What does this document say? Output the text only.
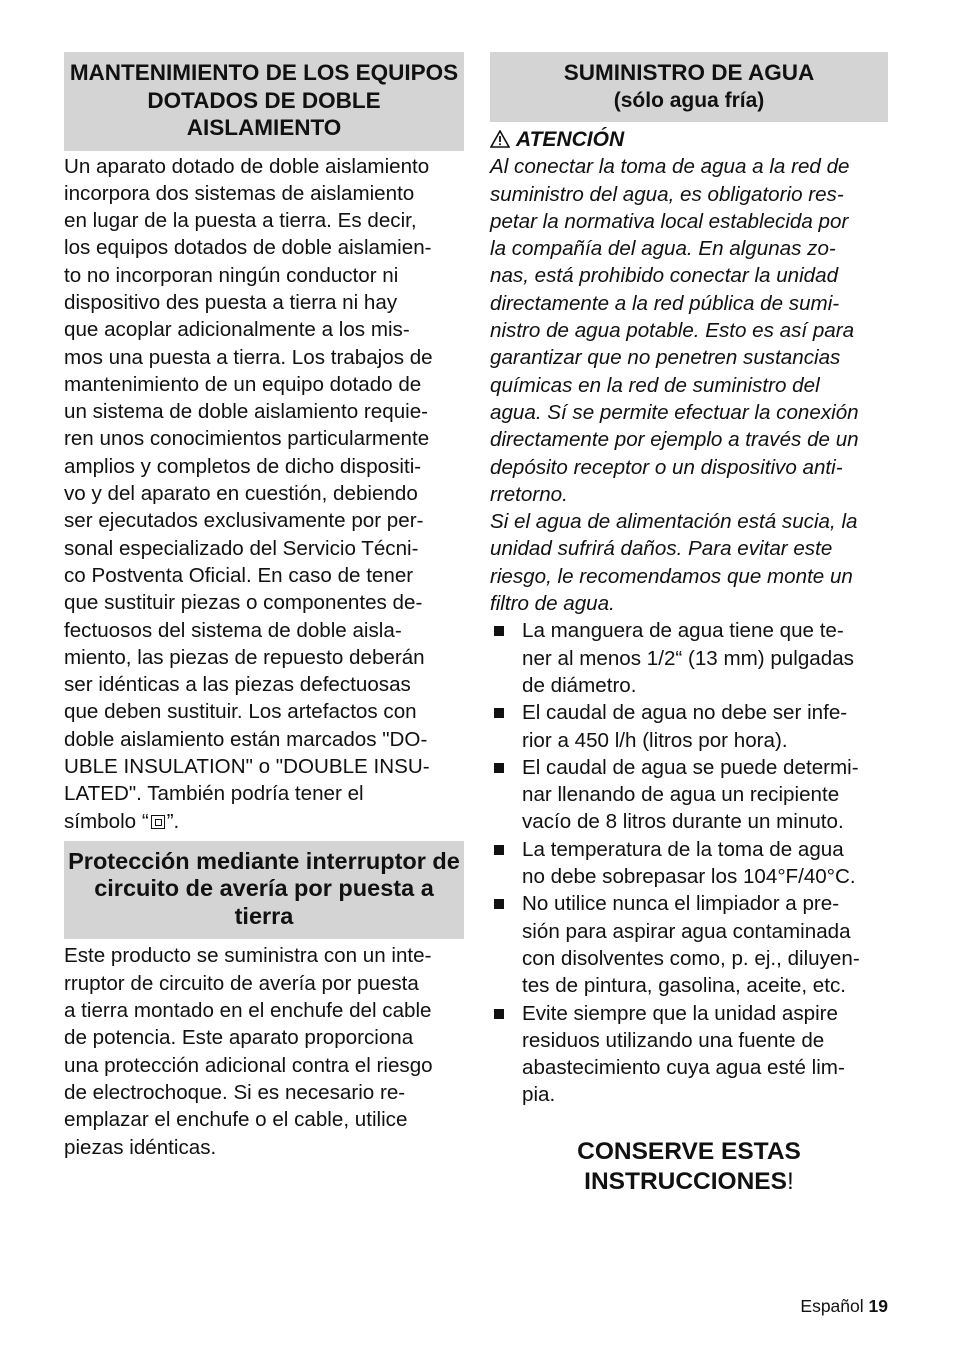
MANTENIMIENTO DE LOS EQUIPOS DOTADOS DE DOBLE AISLAMIENTO
Un aparato dotado de doble aislamiento
incorpora dos sistemas de aislamiento
en lugar de la puesta a tierra. Es decir,
los equipos dotados de doble aislamien-
to no incorporan ningún conductor ni
dispositivo des puesta a tierra ni hay
que acoplar adicionalmente a los mis-
mos una puesta a tierra. Los trabajos de
mantenimiento de un equipo dotado de
un sistema de doble aislamiento requie-
ren unos conocimientos particularmente
amplios y completos de dicho dispositi-
vo y del aparato en cuestión, debiendo
ser ejecutados exclusivamente por per-
sonal especializado del Servicio Técni-
co Postventa Oficial. En caso de tener
que sustituir piezas o componentes de-
fectuosos del sistema de doble aisla-
miento, las piezas de repuesto deberán
ser idénticas a las piezas defectuosas
que deben sustituir. Los artefactos con
doble aislamiento están marcados "DO-
UBLE INSULATION" o "DOUBLE INSU-
LATED". También podría tener el
símbolo “ ”.
Protección mediante interruptor de circuito de avería por puesta a tierra
Este producto se suministra con un inte-
rruptor de circuito de avería por puesta
a tierra montado en el enchufe del cable
de potencia. Este aparato proporciona
una protección adicional contra el riesgo
de electrochoque. Si es necesario re-
emplazar el enchufe o el cable, utilice
piezas idénticas.
SUMINISTRO DE AGUA
(sólo agua fría)
ATENCIÓN
Al conectar la toma de agua a la red de
suministro del agua, es obligatorio res-
petar la normativa local establecida por
la compañía del agua. En algunas zo-
nas, está prohibido conectar la unidad
directamente a la red pública de sumi-
nistro de agua potable. Esto es así para
garantizar que no penetren sustancias
químicas en la red de suministro del
agua. Sí se permite efectuar la conexión
directamente por ejemplo a través de un
depósito receptor o un dispositivo anti-
rretorno.
Si el agua de alimentación está sucia, la
unidad sufrirá daños. Para evitar este
riesgo, le recomendamos que monte un
filtro de agua.
La manguera de agua tiene que te-
ner al menos 1/2“ (13 mm) pulgadas
de diámetro.
El caudal de agua no debe ser infe-
rior a 450 l/h (litros por hora).
El caudal de agua se puede determi-
nar llenando de agua un recipiente
vacío de 8 litros durante un minuto.
La temperatura de la toma de agua
no debe sobrepasar los 104°F/40°C.
No utilice nunca el limpiador a pre-
sión para aspirar agua contaminada
con disolventes como, p. ej., diluyen-
tes de pintura, gasolina, aceite, etc.
Evite siempre que la unidad aspire
residuos utilizando una fuente de
abastecimiento cuya agua esté lim-
pia.
CONSERVE ESTAS
INSTRUCCIONES!
Español 19
